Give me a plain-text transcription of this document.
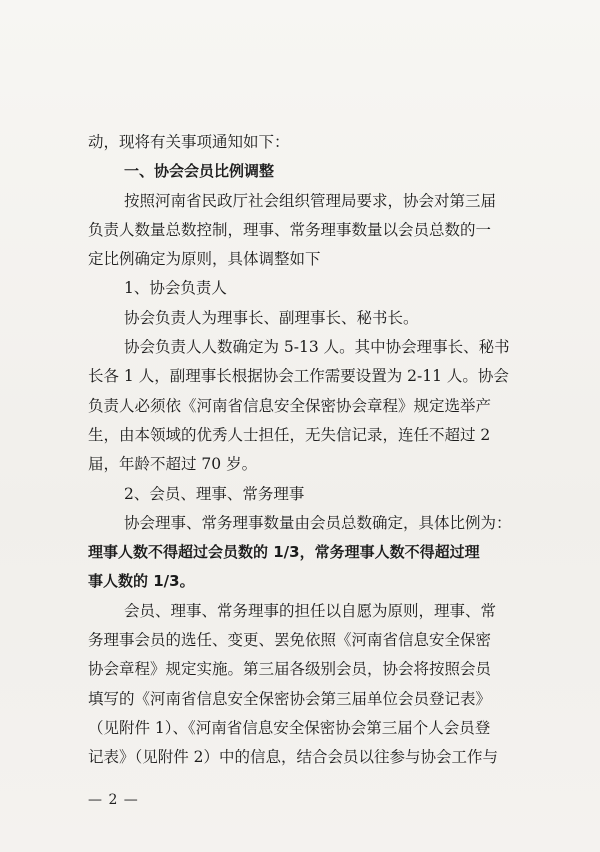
动，现将有关事项通知如下：
一、协会会员比例调整
按照河南省民政厅社会组织管理局要求，协会对第三届
负责人数量总数控制，理事、常务理事数量以会员总数的一
定比例确定为原则，具体调整如下
1、协会负责人
协会负责人为理事长、副理事长、秘书长。
协会负责人人数确定为 5-13 人。其中协会理事长、秘书
长各 1 人，副理事长根据协会工作需要设置为 2-11 人。协会
负责人必须依《河南省信息安全保密协会章程》规定选举产
生，由本领域的优秀人士担任，无失信记录，连任不超过 2
届，年龄不超过 70 岁。
2、会员、理事、常务理事
协会理事、常务理事数量由会员总数确定，具体比例为：
理事人数不得超过会员数的 1/3，常务理事人数不得超过理
事人数的 1/3。
会员、理事、常务理事的担任以自愿为原则，理事、常
务理事会员的选任、变更、罢免依照《河南省信息安全保密
协会章程》规定实施。第三届各级别会员，协会将按照会员
填写的《河南省信息安全保密协会第三届单位会员登记表》
（见附件 1）、《河南省信息安全保密协会第三届个人会员登
记表》（见附件 2）中的信息，结合会员以往参与协会工作与
— 2 —
